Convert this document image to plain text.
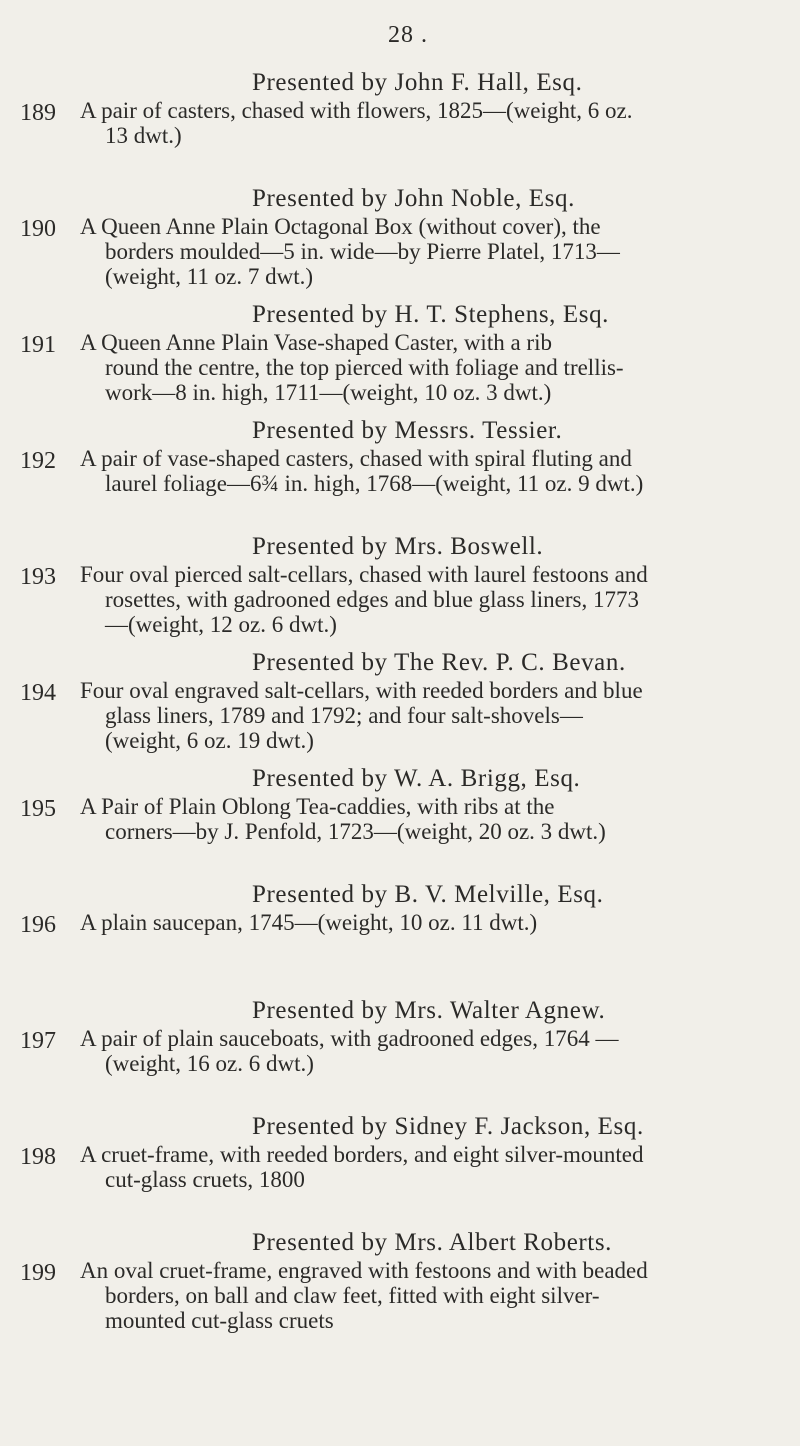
28 .
Presented by John F. Hall, Esq.
189	A pair of casters, chased with flowers, 1825—(weight, 6 oz.
13 dwt.)
Presented by John Noble, Esq.
190	A Queen Anne Plain Octagonal Box (without cover), the
borders moulded—5 in. wide—by Pierre Platel, 1713—
(weight, 11 oz. 7 dwt.)
Presented by H. T. Stephens, Esq.
191	A Queen Anne Plain Vase-shaped Caster, with a rib
round the centre, the top pierced with foliage and trellis-
work—8 in. high, 1711—(weight, 10 oz. 3 dwt.)
Presented by Messrs. Tessier.
192	A pair of vase-shaped casters, chased with spiral fluting and
laurel foliage—6¾ in. high, 1768—(weight, 11 oz. 9 dwt.)
Presented by Mrs. Boswell.
193	Four oval pierced salt-cellars, chased with laurel festoons and
rosettes, with gadrooned edges and blue glass liners, 1773
—(weight, 12 oz. 6 dwt.)
Presented by The Rev. P. C. Bevan.
194	Four oval engraved salt-cellars, with reeded borders and blue
glass liners, 1789 and 1792; and four salt-shovels—
(weight, 6 oz. 19 dwt.)
Presented by W. A. Brigg, Esq.
195	A Pair of Plain Oblong Tea-caddies, with ribs at the
corners—by J. Penfold, 1723—(weight, 20 oz. 3 dwt.)
Presented by B. V. Melville, Esq.
196	A plain saucepan, 1745—(weight, 10 oz. 11 dwt.)
Presented by Mrs. Walter Agnew.
197	A pair of plain sauceboats, with gadrooned edges, 1764 —
(weight, 16 oz. 6 dwt.)
Presented by Sidney F. Jackson, Esq.
198	A cruet-frame, with reeded borders, and eight silver-mounted
cut-glass cruets, 1800
Presented by Mrs. Albert Roberts.
199	An oval cruet-frame, engraved with festoons and with beaded
borders, on ball and claw feet, fitted with eight silver-
mounted cut-glass cruets
